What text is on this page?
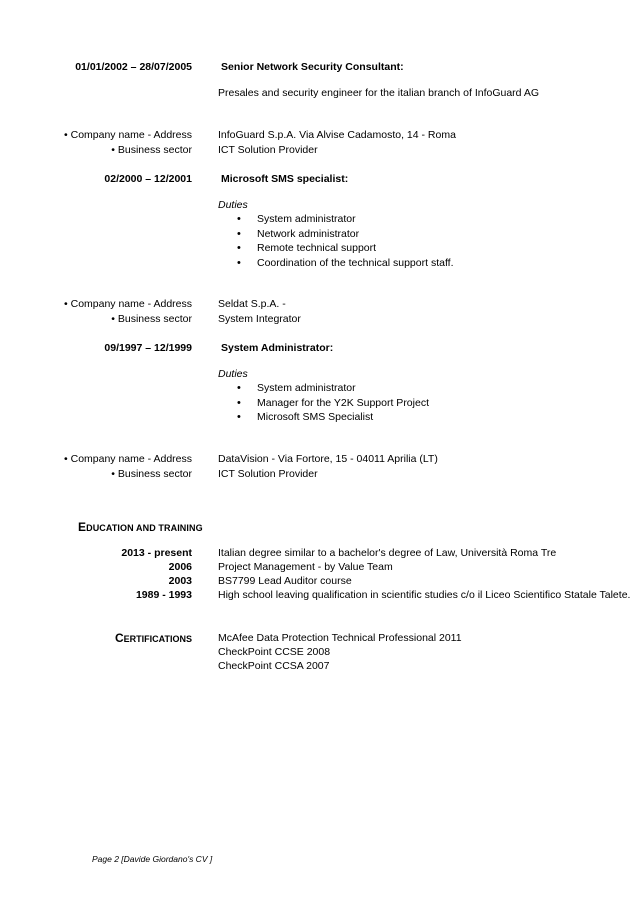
01/01/2002 – 28/07/2005	Senior Network Security Consultant:
Presales and security engineer for the italian branch of InfoGuard AG
• Company name - Address InfoGuard S.p.A. Via Alvise Cadamosto, 14 - Roma
• Business sector ICT Solution Provider
02/2000 – 12/2001	Microsoft SMS specialist:
Duties
• System administrator
• Network administrator
• Remote technical support
• Coordination of the technical support staff.
• Company name - Address Seldat S.p.A. -
• Business sector System Integrator
09/1997 – 12/1999	System Administrator:
Duties
• System administrator
• Manager for the Y2K Support Project
• Microsoft SMS Specialist
• Company name - Address DataVision - Via Fortore, 15 - 04011 Aprilia (LT)
• Business sector ICT Solution Provider
EDUCATION AND TRAINING
2013 - present Italian degree similar to a bachelor's degree of Law, Università Roma Tre
2006 Project Management - by Value Team
2003 BS7799 Lead Auditor course
1989 - 1993 High school leaving qualification in scientific studies c/o il Liceo Scientifico Statale Talete.
CERTIFICATIONS McAfee Data Protection Technical Professional 2011
CheckPoint CCSE 2008
CheckPoint CCSA 2007
Page 2 [Davide Giordano's CV ]
